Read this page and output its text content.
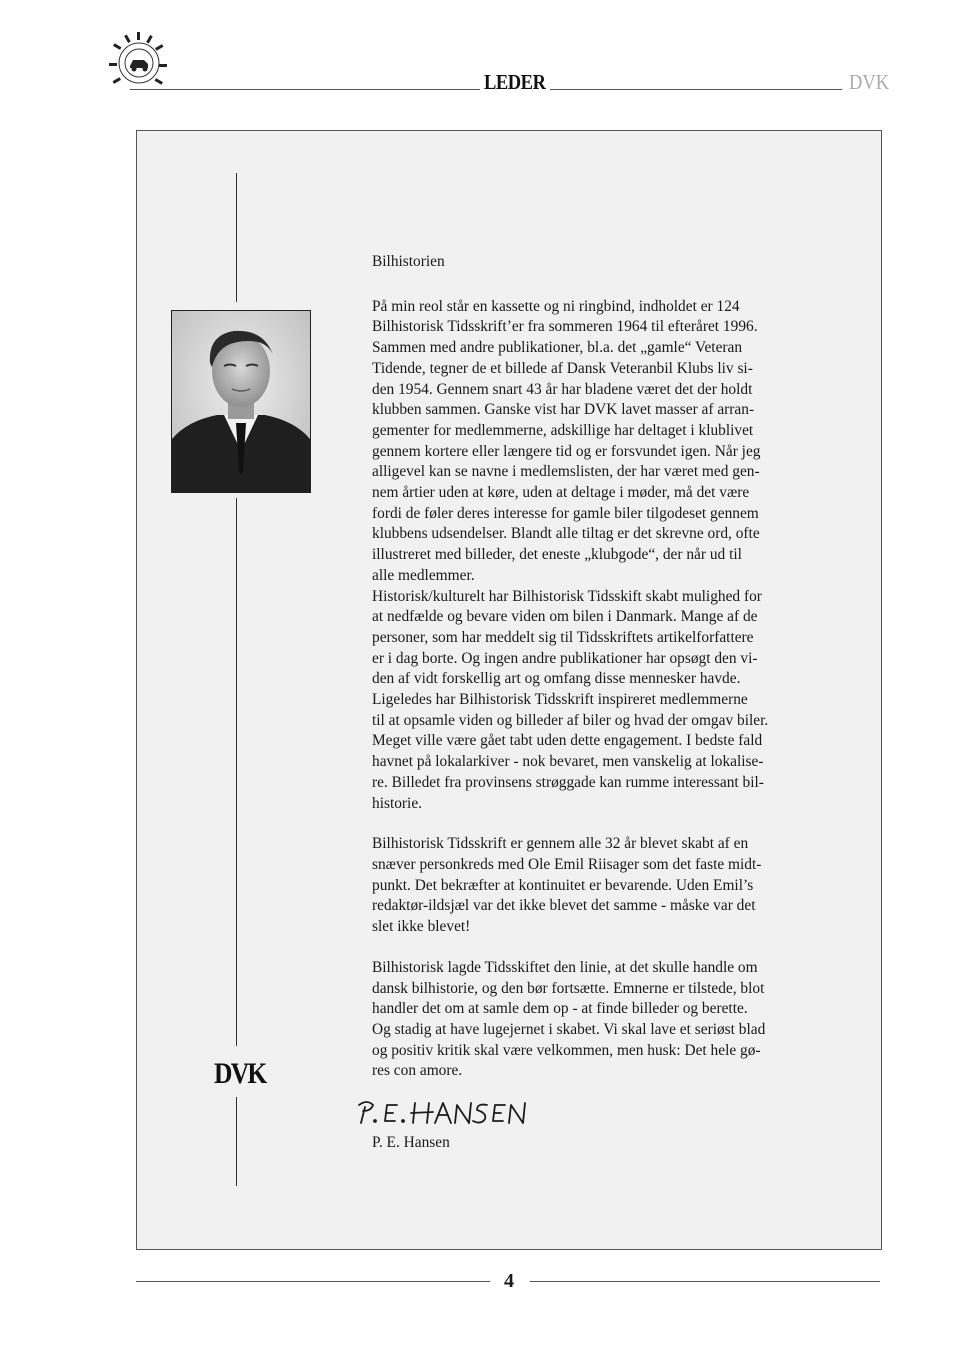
LEDER	DVK
DVK

Bilhistorien

På min reol står en kassette og ni ringbind, indholdet er 124
Bilhistorisk Tidsskrift’er fra sommeren 1964 til efteråret 1996.
Sammen med andre publikationer, bl.a. det „gamle“ Veteran
Tidende, tegner de et billede af Dansk Veteranbil Klubs liv si-
den 1954. Gennem snart 43 år har bladene været det der holdt
klubben sammen. Ganske vist har DVK lavet masser af arran-
gementer for medlemmerne, adskillige har deltaget i klublivet
gennem kortere eller længere tid og er forsvundet igen. Når jeg
alligevel kan se navne i medlemslisten, der har været med gen-
nem årtier uden at køre, uden at deltage i møder, må det være
fordi de føler deres interesse for gamle biler tilgodeset gennem
klubbens udsendelser. Blandt alle tiltag er det skrevne ord, ofte
illustreret med billeder, det eneste „klubgode“, der når ud til
alle medlemmer.
Historisk/kulturelt har Bilhistorisk Tidsskift skabt mulighed for
at nedfælde og bevare viden om bilen i Danmark. Mange af de
personer, som har meddelt sig til Tidsskriftets artikelforfattere
er i dag borte. Og ingen andre publikationer har opsøgt den vi-
den af vidt forskellig art og omfang disse mennesker havde.
Ligeledes har Bilhistorisk Tidsskrift inspireret medlemmerne
til at opsamle viden og billeder af biler og hvad der omgav biler.
Meget ville være gået tabt uden dette engagement. I bedste fald
havnet på lokalarkiver - nok bevaret, men vanskelig at lokalise-
re. Billedet fra provinsens strøggade kan rumme interessant bil-
historie.

Bilhistorisk Tidsskrift er gennem alle 32 år blevet skabt af en
snæver personkreds med Ole Emil Riisager som det faste midt-
punkt. Det bekræfter at kontinuitet er bevarende. Uden Emil’s
redaktør-ildsjæl var det ikke blevet det samme - måske var det
slet ikke blevet!

Bilhistorisk lagde Tidsskiftet den linie, at det skulle handle om
dansk bilhistorie, og den bør fortsætte. Emnerne er tilstede, blot
handler det om at samle dem op - at finde billeder og berette.
Og stadig at have lugejernet i skabet. Vi skal lave et seriøst blad
og positiv kritik skal være velkommen, men husk: Det hele gø-
res con amore.

P. E. Hansen
4
